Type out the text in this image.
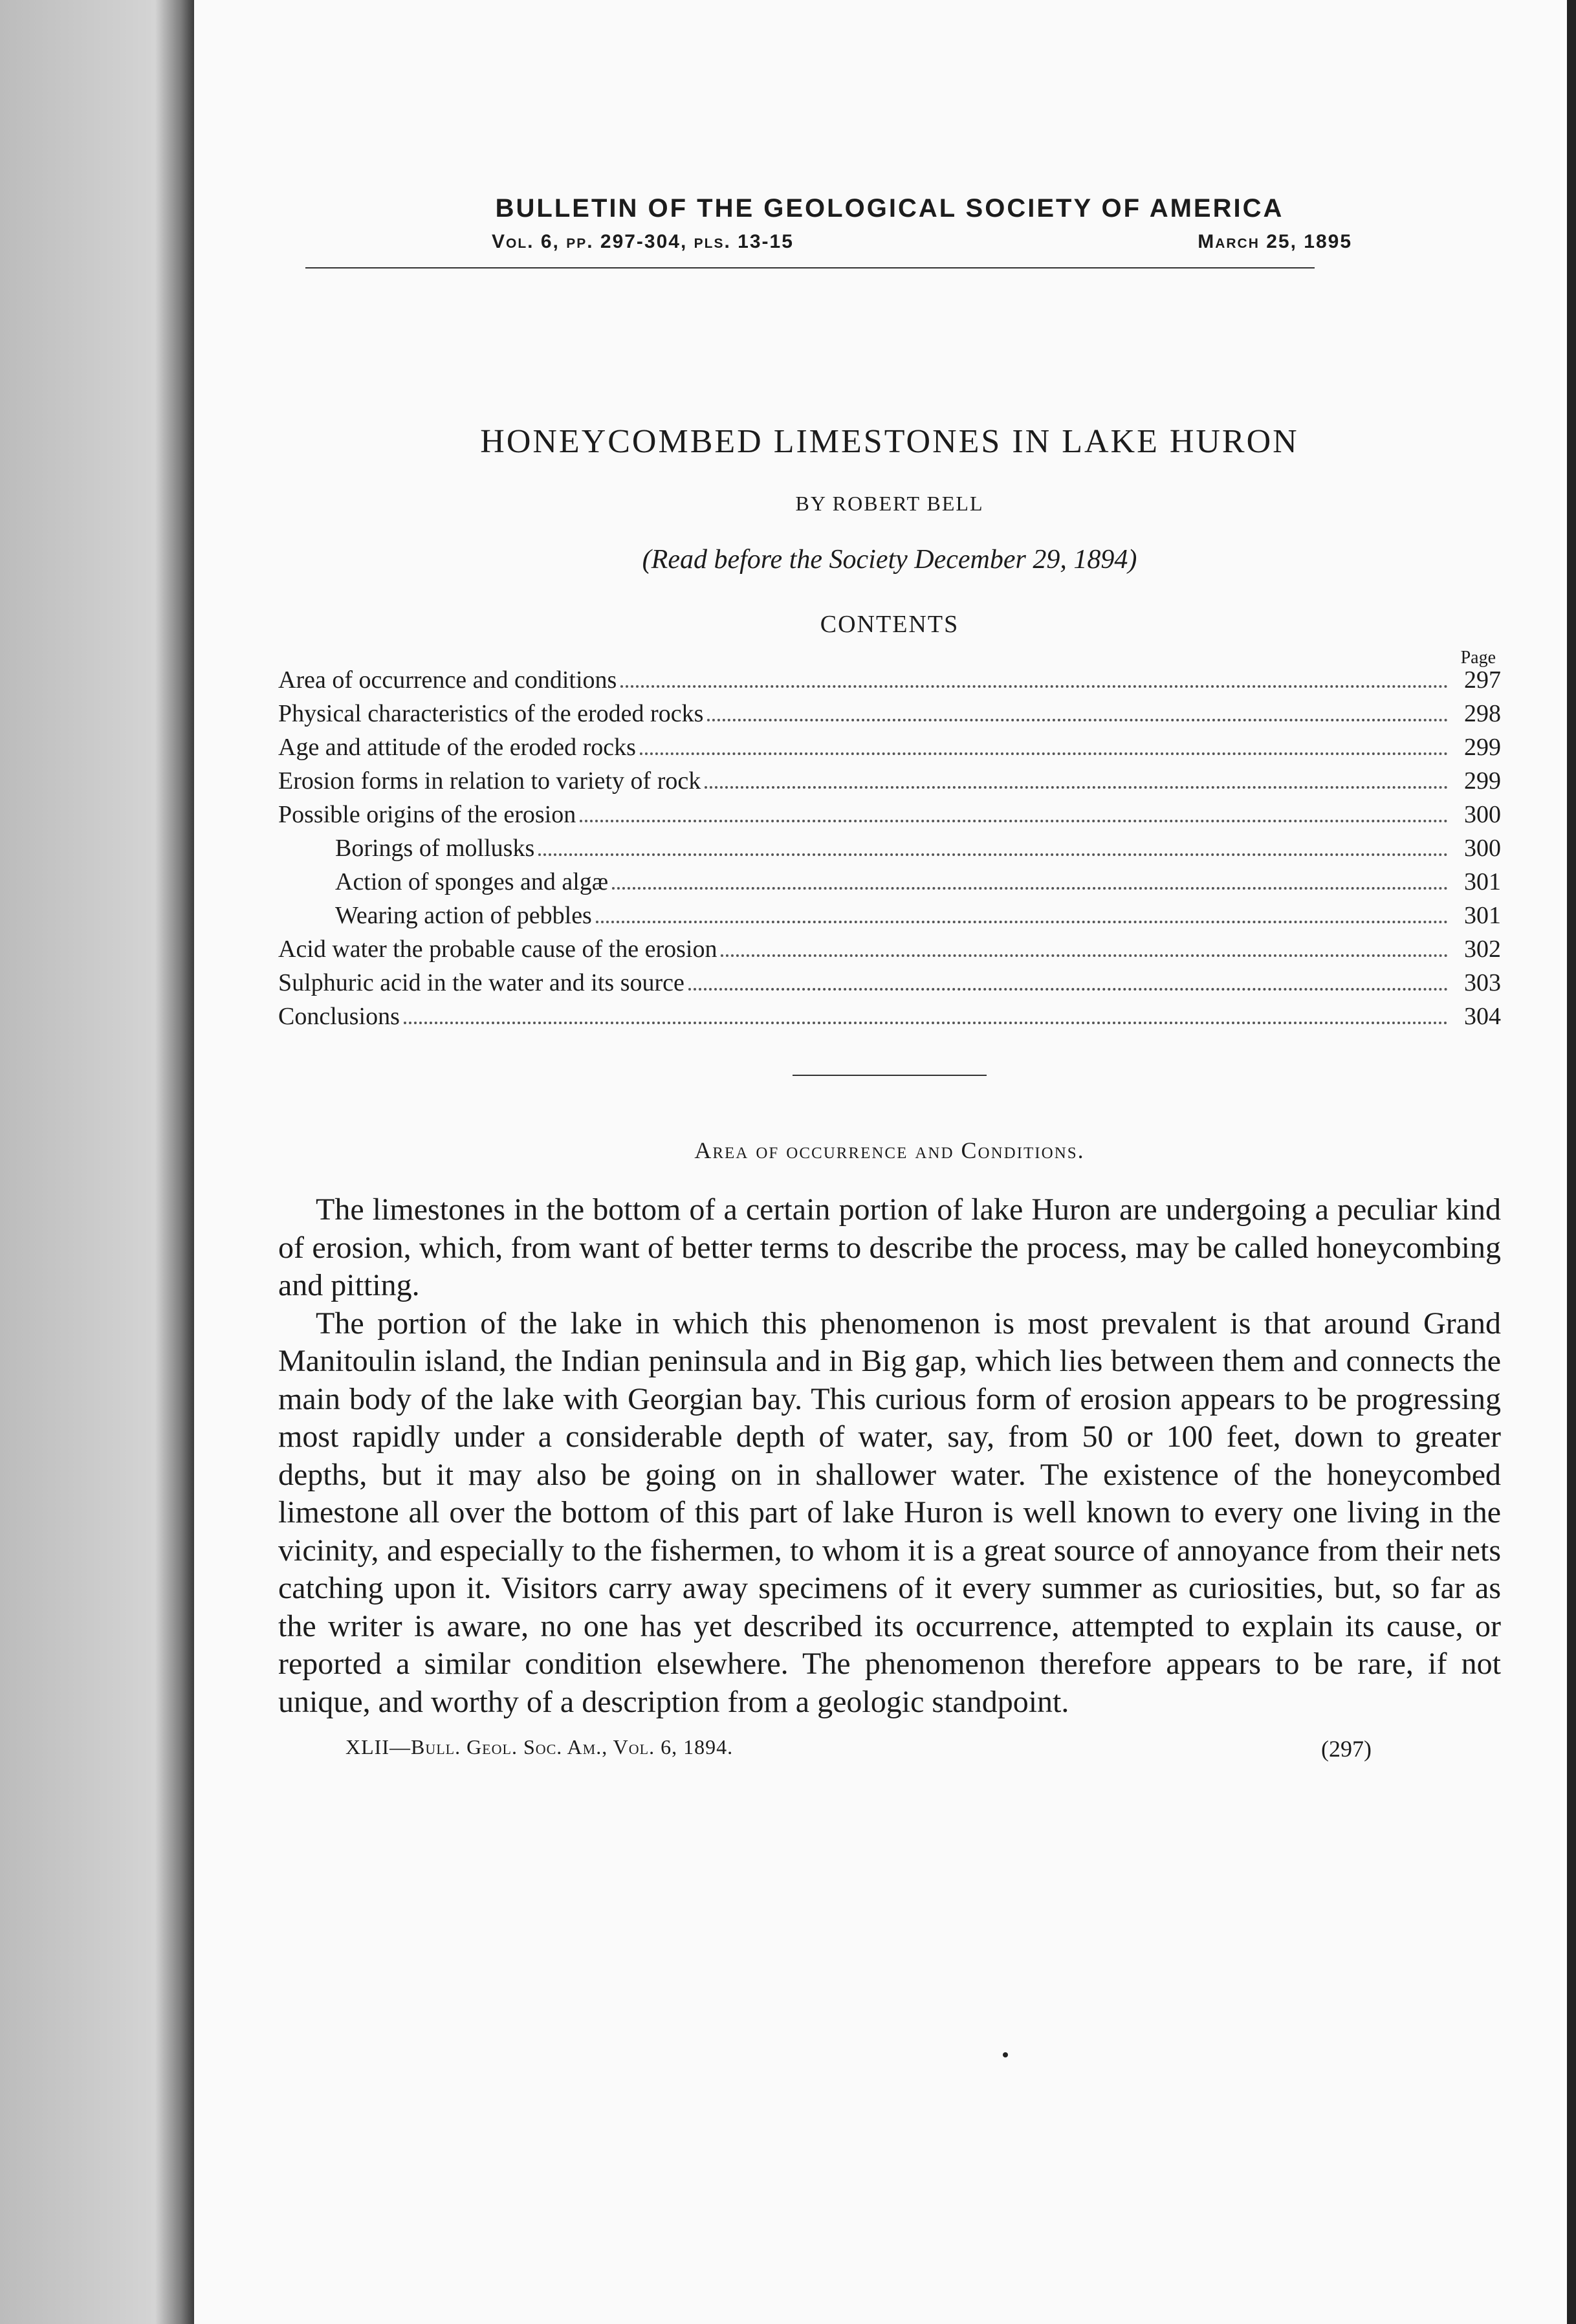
BULLETIN OF THE GEOLOGICAL SOCIETY OF AMERICA
Vol. 6, pp. 297-304, pls. 13-15	March 25, 1895
HONEYCOMBED LIMESTONES IN LAKE HURON
BY ROBERT BELL
(Read before the Society December 29, 1894)
CONTENTS
Page
Area of occurrence and conditions	297
Physical characteristics of the eroded rocks	298
Age and attitude of the eroded rocks	299
Erosion forms in relation to variety of rock	299
Possible origins of the erosion	300
Borings of mollusks	300
Action of sponges and algæ	301
Wearing action of pebbles	301
Acid water the probable cause of the erosion	302
Sulphuric acid in the water and its source	303
Conclusions	304
Area of occurrence and Conditions.

The limestones in the bottom of a certain portion of lake Huron are undergoing a peculiar kind of erosion, which, from want of better terms to describe the process, may be called honeycombing and pitting.

The portion of the lake in which this phenomenon is most prevalent is that around Grand Manitoulin island, the Indian peninsula and in Big gap, which lies between them and connects the main body of the lake with Georgian bay. This curious form of erosion appears to be progressing most rapidly under a considerable depth of water, say, from 50 or 100 feet, down to greater depths, but it may also be going on in shallower water. The existence of the honeycombed limestone all over the bottom of this part of lake Huron is well known to every one living in the vicinity, and especially to the fishermen, to whom it is a great source of annoyance from their nets catching upon it. Visitors carry away specimens of it every summer as curiosities, but, so far as the writer is aware, no one has yet described its occurrence, attempted to explain its cause, or reported a similar condition elsewhere. The phenomenon therefore appears to be rare, if not unique, and worthy of a description from a geologic standpoint.

XLII—Bull. Geol. Soc. Am., Vol. 6, 1894.	(297)
